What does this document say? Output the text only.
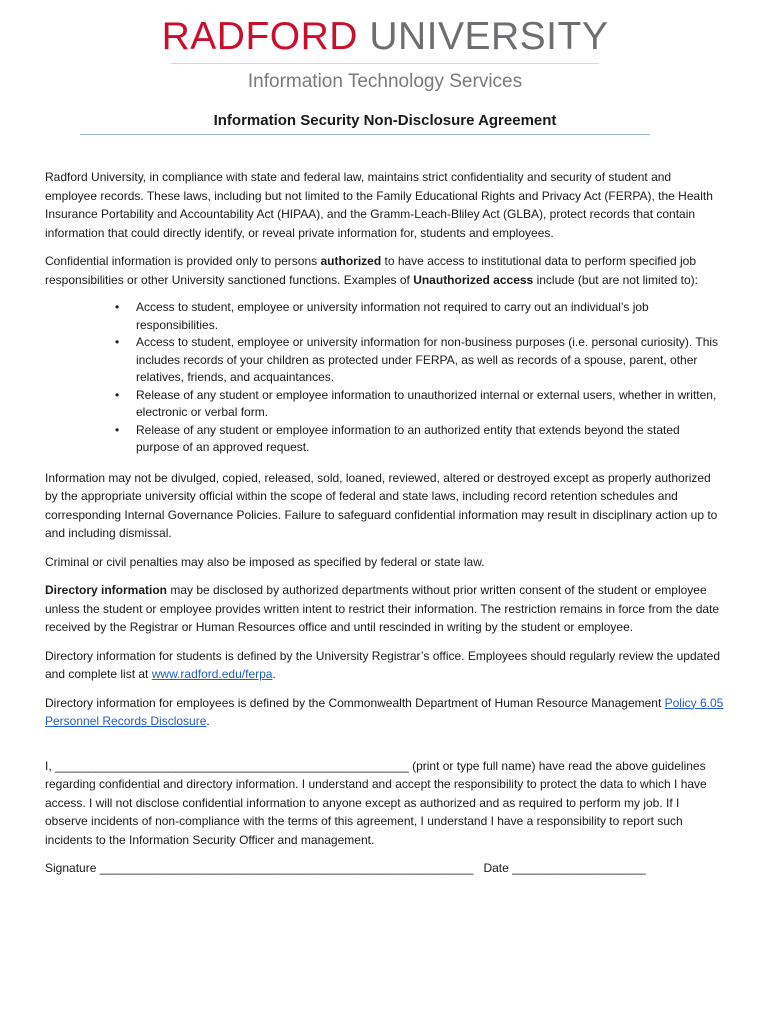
RADFORD UNIVERSITY
Information Technology Services
Information Security Non-Disclosure Agreement

Radford University, in compliance with state and federal law, maintains strict confidentiality and security of student and employee records. These laws, including but not limited to the Family Educational Rights and Privacy Act (FERPA), the Health Insurance Portability and Accountability Act (HIPAA), and the Gramm-Leach-Bliley Act (GLBA), protect records that contain information that could directly identify, or reveal private information for, students and employees.

Confidential information is provided only to persons authorized to have access to institutional data to perform specified job responsibilities or other University sanctioned functions. Examples of Unauthorized access include (but are not limited to):

• Access to student, employee or university information not required to carry out an individual’s job responsibilities.
• Access to student, employee or university information for non-business purposes (i.e. personal curiosity). This includes records of your children as protected under FERPA, as well as records of a spouse, parent, other relatives, friends, and acquaintances.
• Release of any student or employee information to unauthorized internal or external users, whether in written, electronic or verbal form.
• Release of any student or employee information to an authorized entity that extends beyond the stated purpose of an approved request.

Information may not be divulged, copied, released, sold, loaned, reviewed, altered or destroyed except as properly authorized by the appropriate university official within the scope of federal and state laws, including record retention schedules and corresponding Internal Governance Policies. Failure to safeguard confidential information may result in disciplinary action up to and including dismissal.

Criminal or civil penalties may also be imposed as specified by federal or state law.

Directory information may be disclosed by authorized departments without prior written consent of the student or employee unless the student or employee provides written intent to restrict their information. The restriction remains in force from the date received by the Registrar or Human Resources office and until rescinded in writing by the student or employee.

Directory information for students is defined by the University Registrar’s office. Employees should regularly review the updated and complete list at www.radford.edu/ferpa.

Directory information for employees is defined by the Commonwealth Department of Human Resource Management Policy 6.05 Personnel Records Disclosure.

I, _____________________________________________________ (print or type full name) have read the above guidelines regarding confidential and directory information. I understand and accept the responsibility to protect the data to which I have access. I will not disclose confidential information to anyone except as authorized and as required to perform my job. If I observe incidents of non-compliance with the terms of this agreement, I understand I have a responsibility to report such incidents to the Information Security Officer and management.

Signature ________________________________________________________ Date ____________________
